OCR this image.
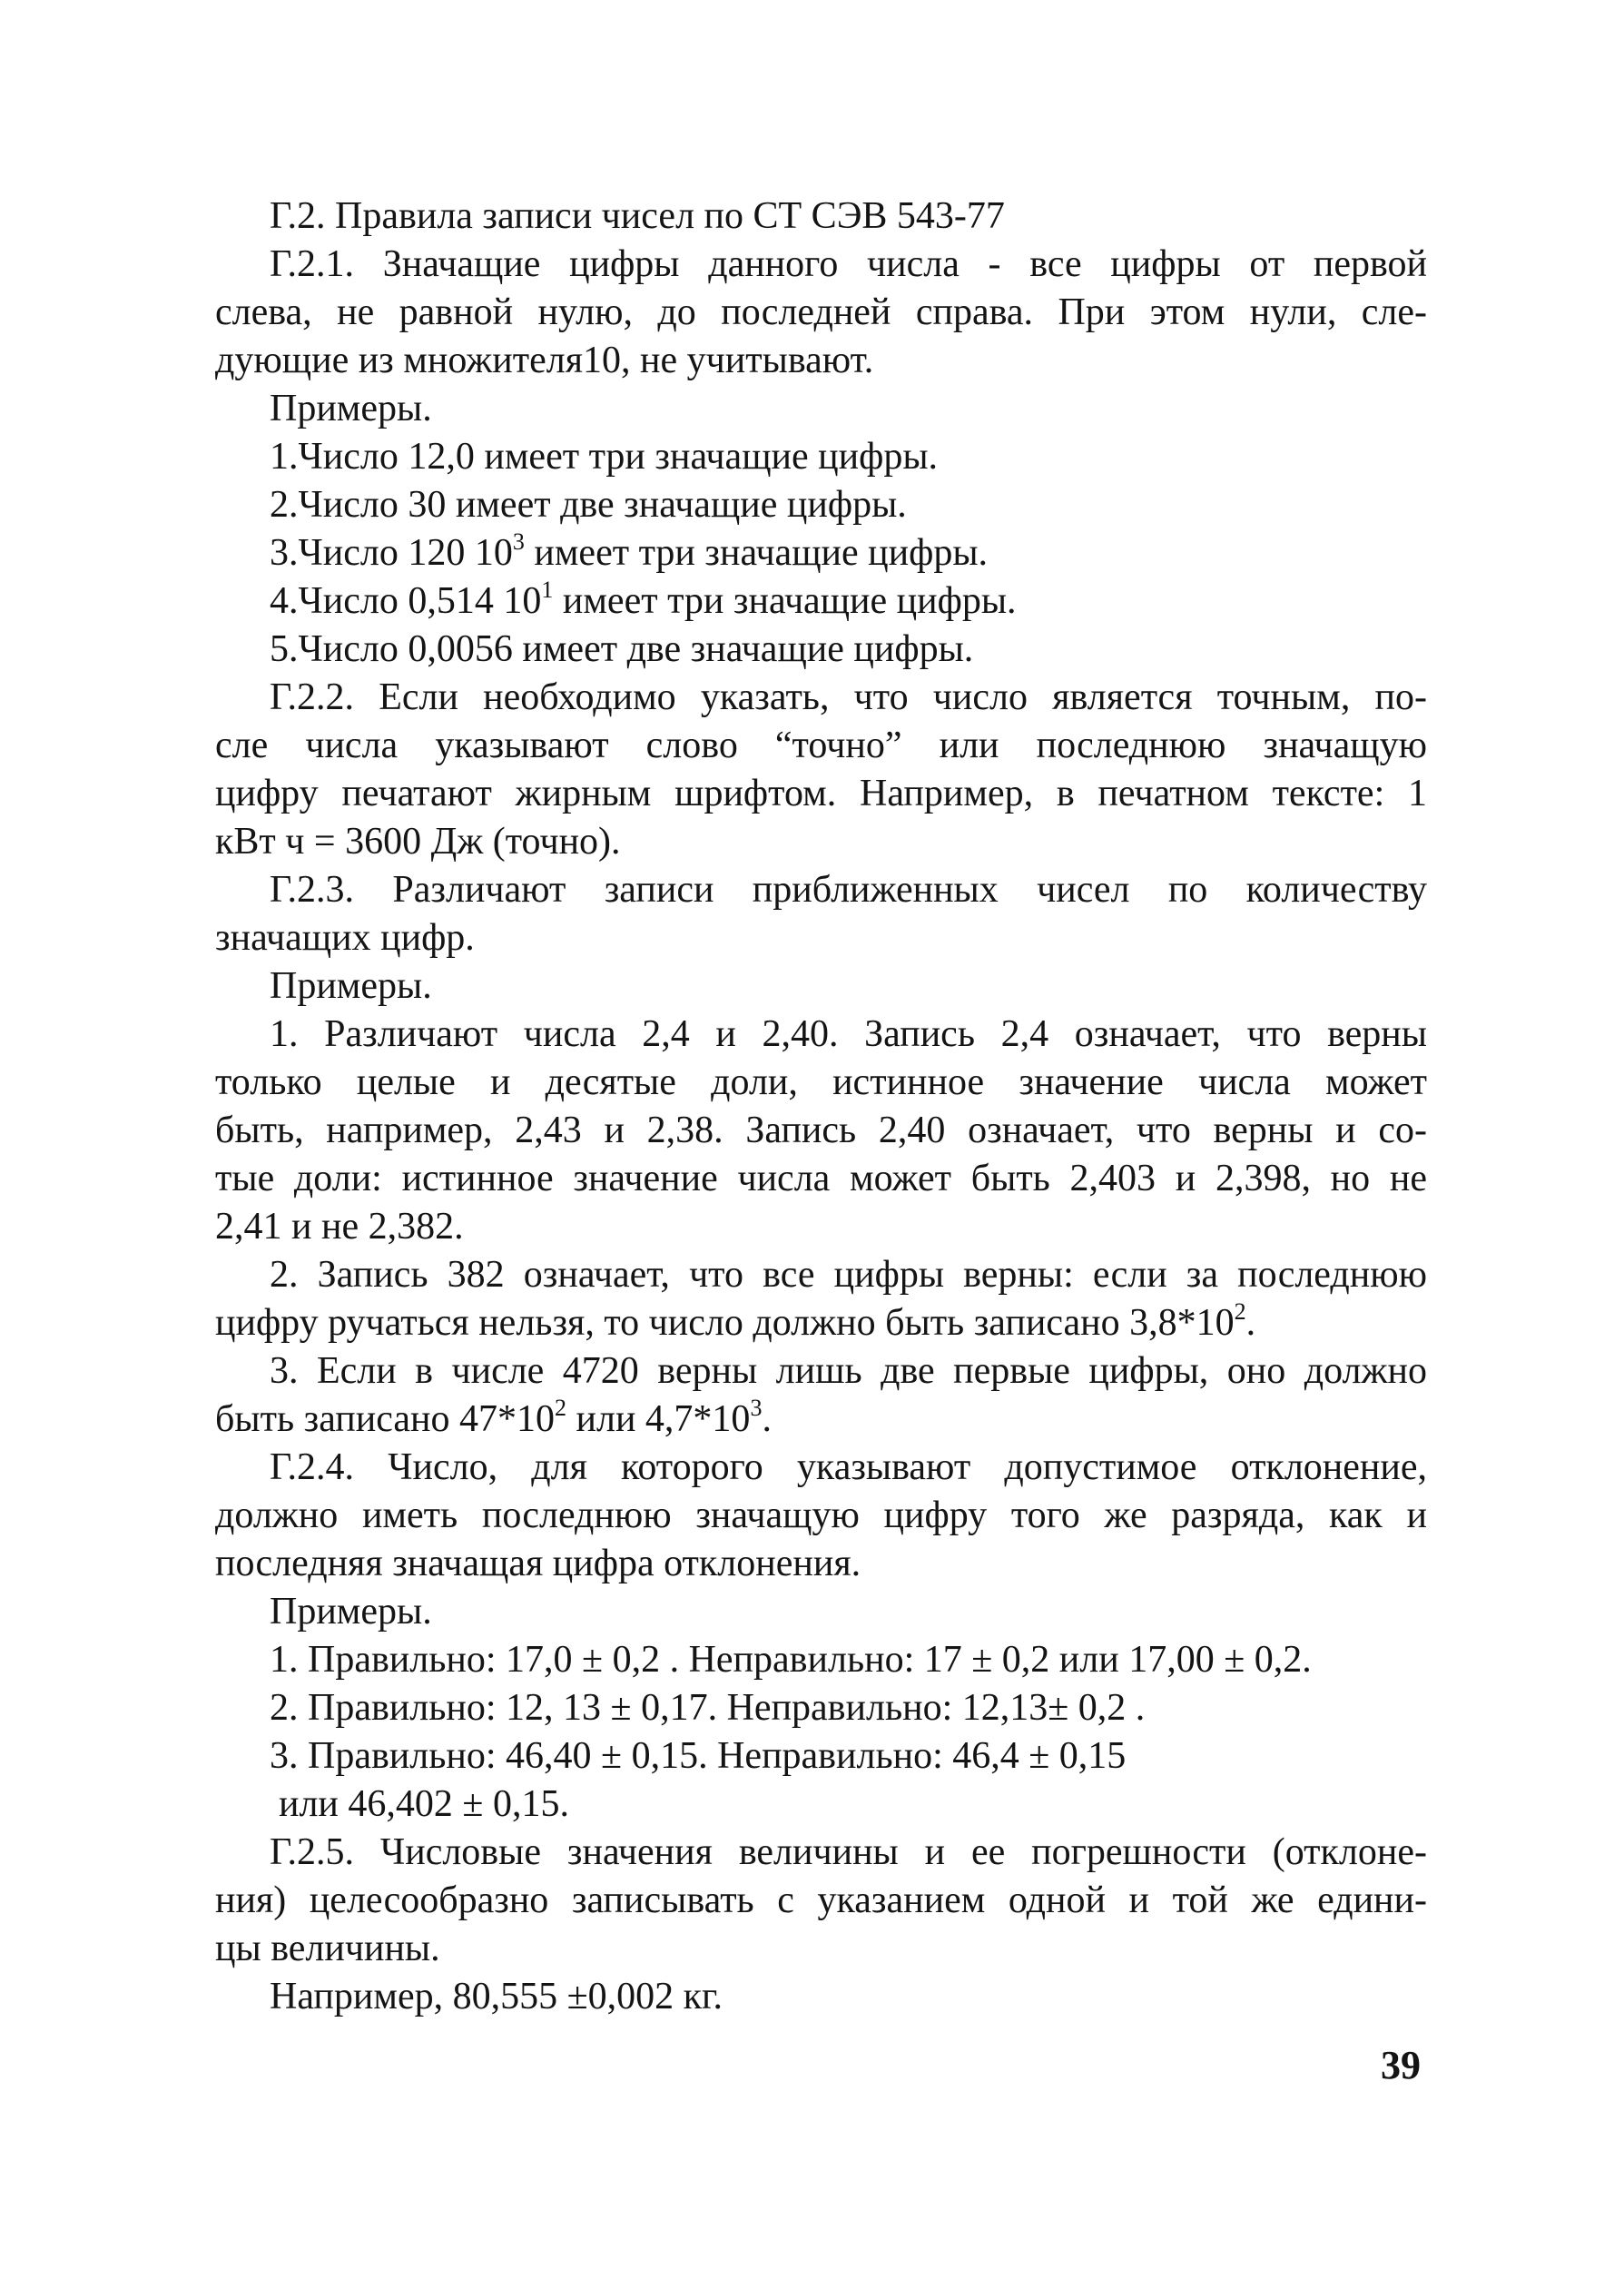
Г.2. Правила записи чисел по СТ СЭВ 543-77

Г.2.1. Значащие цифры данного числа - все цифры от первой
слева, не равной нулю, до последней справа. При этом нули, сле-
дующие из множителя10, не учитывают.

Примеры.

1.Число 12,0 имеет три значащие цифры.

2.Число 30 имеет две значащие цифры.

3.Число 120 $10^3$ имеет три значащие цифры.

4.Число 0,514 $10^1$ имеет три значащие цифры.

5.Число 0,0056 имеет две значащие цифры.

Г.2.2. Если необходимо указать, что число является точным, по-
сле числа указывают слово “точно” или последнюю значащую
цифру печатают жирным шрифтом. Например, в печатном тексте: 1
кВт ч = 3600 Дж (точно).

Г.2.3. Различают записи приближенных чисел по количеству
значащих цифр.

Примеры.

1. Различают числа 2,4 и 2,40. Запись 2,4 означает, что верны
только целые и десятые доли, истинное значение числа может
быть, например, 2,43 и 2,38. Запись 2,40 означает, что верны и со-
тые доли: истинное значение числа может быть 2,403 и 2,398, но не
2,41 и не 2,382.

2. Запись 382 означает, что все цифры верны: если за последнюю
цифру ручаться нельзя, то число должно быть записано $3,8*10^2$.

3. Если в числе 4720 верны лишь две первые цифры, оно должно
быть записано $47*10^2$ или $4,7*10^3$.

Г.2.4. Число, для которого указывают допустимое отклонение,
должно иметь последнюю значащую цифру того же разряда, как и
последняя значащая цифра отклонения.

Примеры.

1. Правильно: 17,0 ± 0,2 . Неправильно: 17 ± 0,2 или 17,00 ± 0,2.

2. Правильно: 12, 13 ± 0,17. Неправильно: 12,13± 0,2 .

3. Правильно: 46,40 ± 0,15. Неправильно: 46,4 ± 0,15

или 46,402 ± 0,15.

Г.2.5. Числовые значения величины и ее погрешности (отклоне-
ния) целесообразно записывать с указанием одной и той же едини-
цы величины.

Например, 80,555 ±0,002 кг.

39
